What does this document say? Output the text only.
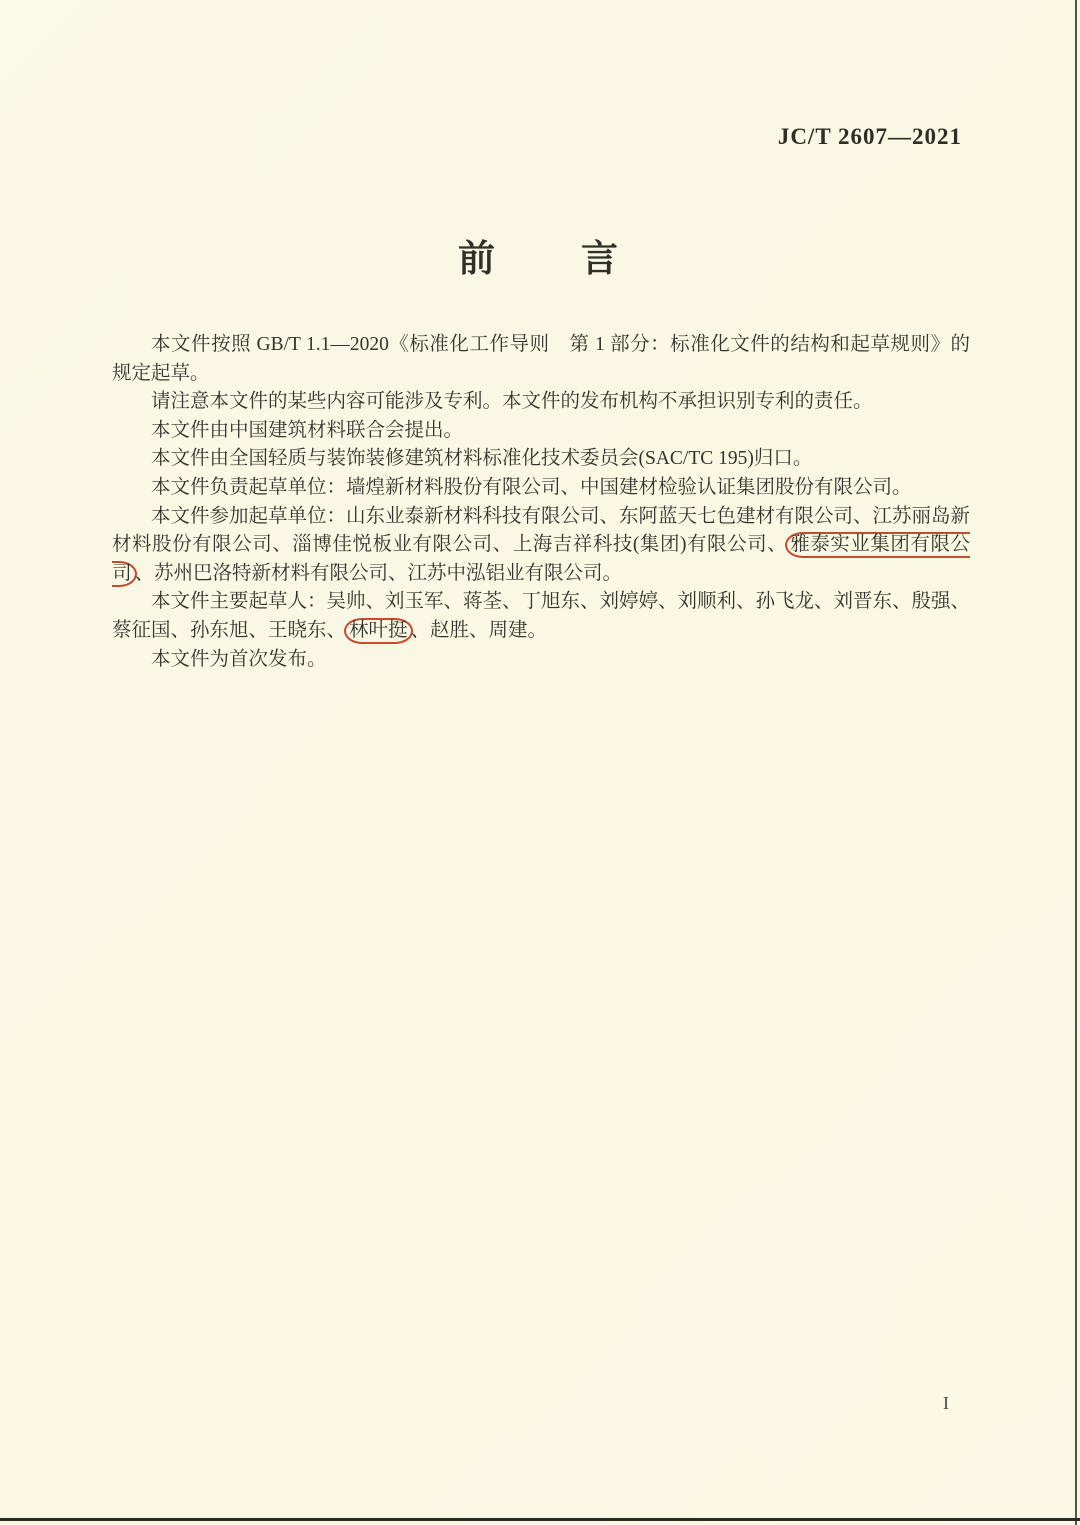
JC/T 2607—2021
前　　言

本文件按照 GB/T 1.1—2020《标准化工作导则　第 1 部分：标准化文件的结构和起草规则》的规定起草。

请注意本文件的某些内容可能涉及专利。本文件的发布机构不承担识别专利的责任。

本文件由中国建筑材料联合会提出。

本文件由全国轻质与装饰装修建筑材料标准化技术委员会(SAC/TC 195)归口。

本文件负责起草单位：墙煌新材料股份有限公司、中国建材检验认证集团股份有限公司。

本文件参加起草单位：山东业泰新材料科技有限公司、东阿蓝天七色建材有限公司、江苏丽岛新材料股份有限公司、淄博佳悦板业有限公司、上海吉祥科技(集团)有限公司、 雅泰实业集团有限公司 、苏州巴洛特新材料有限公司、江苏中泓铝业有限公司。

本文件主要起草人：吴帅、刘玉军、蒋荃、丁旭东、刘婷婷、刘顺利、孙飞龙、刘晋东、殷强、蔡征国、孙东旭、王晓东、 林叶挺 、赵胜、周建。

本文件为首次发布。

I
